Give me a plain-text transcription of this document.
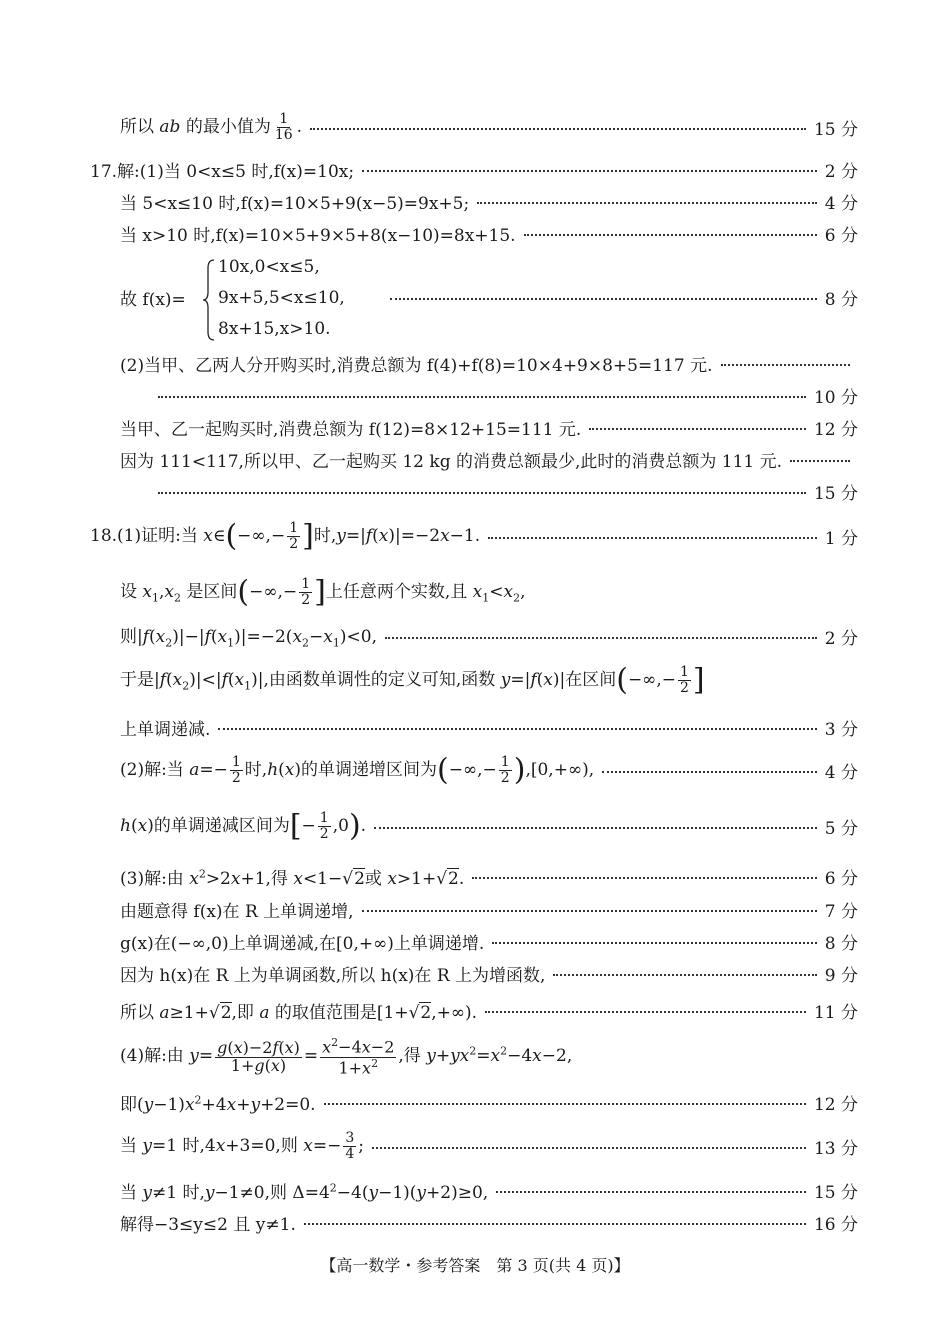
所以 ab 的最小值为 $\frac{1}{16}$ .	15 分
17.解:(1)当 0<x≤5 时,f(x)=10x;	2 分
当 5<x≤10 时,f(x)=10×5+9(x−5)=9x+5;	4 分
当 x>10 时,f(x)=10×5+9×5+8(x−10)=8x+15.	6 分
故 f(x)=	8 分
10x,0<x≤5,
9x+5,5<x≤10,
8x+15,x>10.
(2)当甲、乙两人分开购买时,消费总额为 f(4)+f(8)=10×4+9×8+5=117 元.
10 分
当甲、乙一起购买时,消费总额为 f(12)=8×12+15=111 元.	12 分
因为 111<117,所以甲、乙一起购买 12 kg 的消费总额最少,此时的消费总额为 111 元.
15 分
18.(1)证明:当 x∈(−∞,− $\frac{1}{2}$ ]时,y=|f(x)|=−2x−1.	1 分
设 $x_1,x_2$ 是区间(−∞,− $\frac{1}{2}$ ]上任意两个实数,且 $x_1<x_2$,
则$|f(x_2)|-|f(x_1)|=-2(x_2-x_1)<0$,	2 分
于是$|f(x_2)|<|f(x_1)|$,由函数单调性的定义可知,函数 y=|f(x)|在区间(−∞,− $\frac{1}{2}$ ]
上单调递减.	3 分
(2)解:当 $a=- \frac{1}{2}$ 时,h(x)的单调递增区间为(−∞,− $\frac{1}{2} ),[0,+\infty)$,	4 分
h(x)的单调递减区间为[− $\frac{1}{2} ,0$).	5 分
(3)解:由 $x^2>2x+1$,得 x<1−√2或 x>1+√2.	6 分
由题意得 f(x)在 R 上单调递增,	7 分
g(x)在(−∞,0)上单调递减,在[0,+∞)上单调递增.	8 分
因为 h(x)在 R 上为单调函数,所以 h(x)在 R 上为增函数,	9 分
所以 a≥1+√2,即 a 的取值范围是[1+√2,+∞).	11 分
(4)解:由 $y= \frac{g(x)-2f(x)}{1+g(x)} = \frac{x^2-4x-2}{1+x^2}$ ,得 $y+yx^2=x^2-4x-2$,
即$(y-1)x^2+4x+y+2=0$.	12 分
当 y=1 时,4x+3=0,则 $x=- \frac{3}{4}$ ;	13 分
当 y≠1 时,y−1≠0,则 $\Delta=4^2-4(y-1)(y+2)\ge 0$,	15 分
解得−3≤y≤2 且 y≠1.	16 分
【高一数学・参考答案　第 3 页(共 4 页)】
